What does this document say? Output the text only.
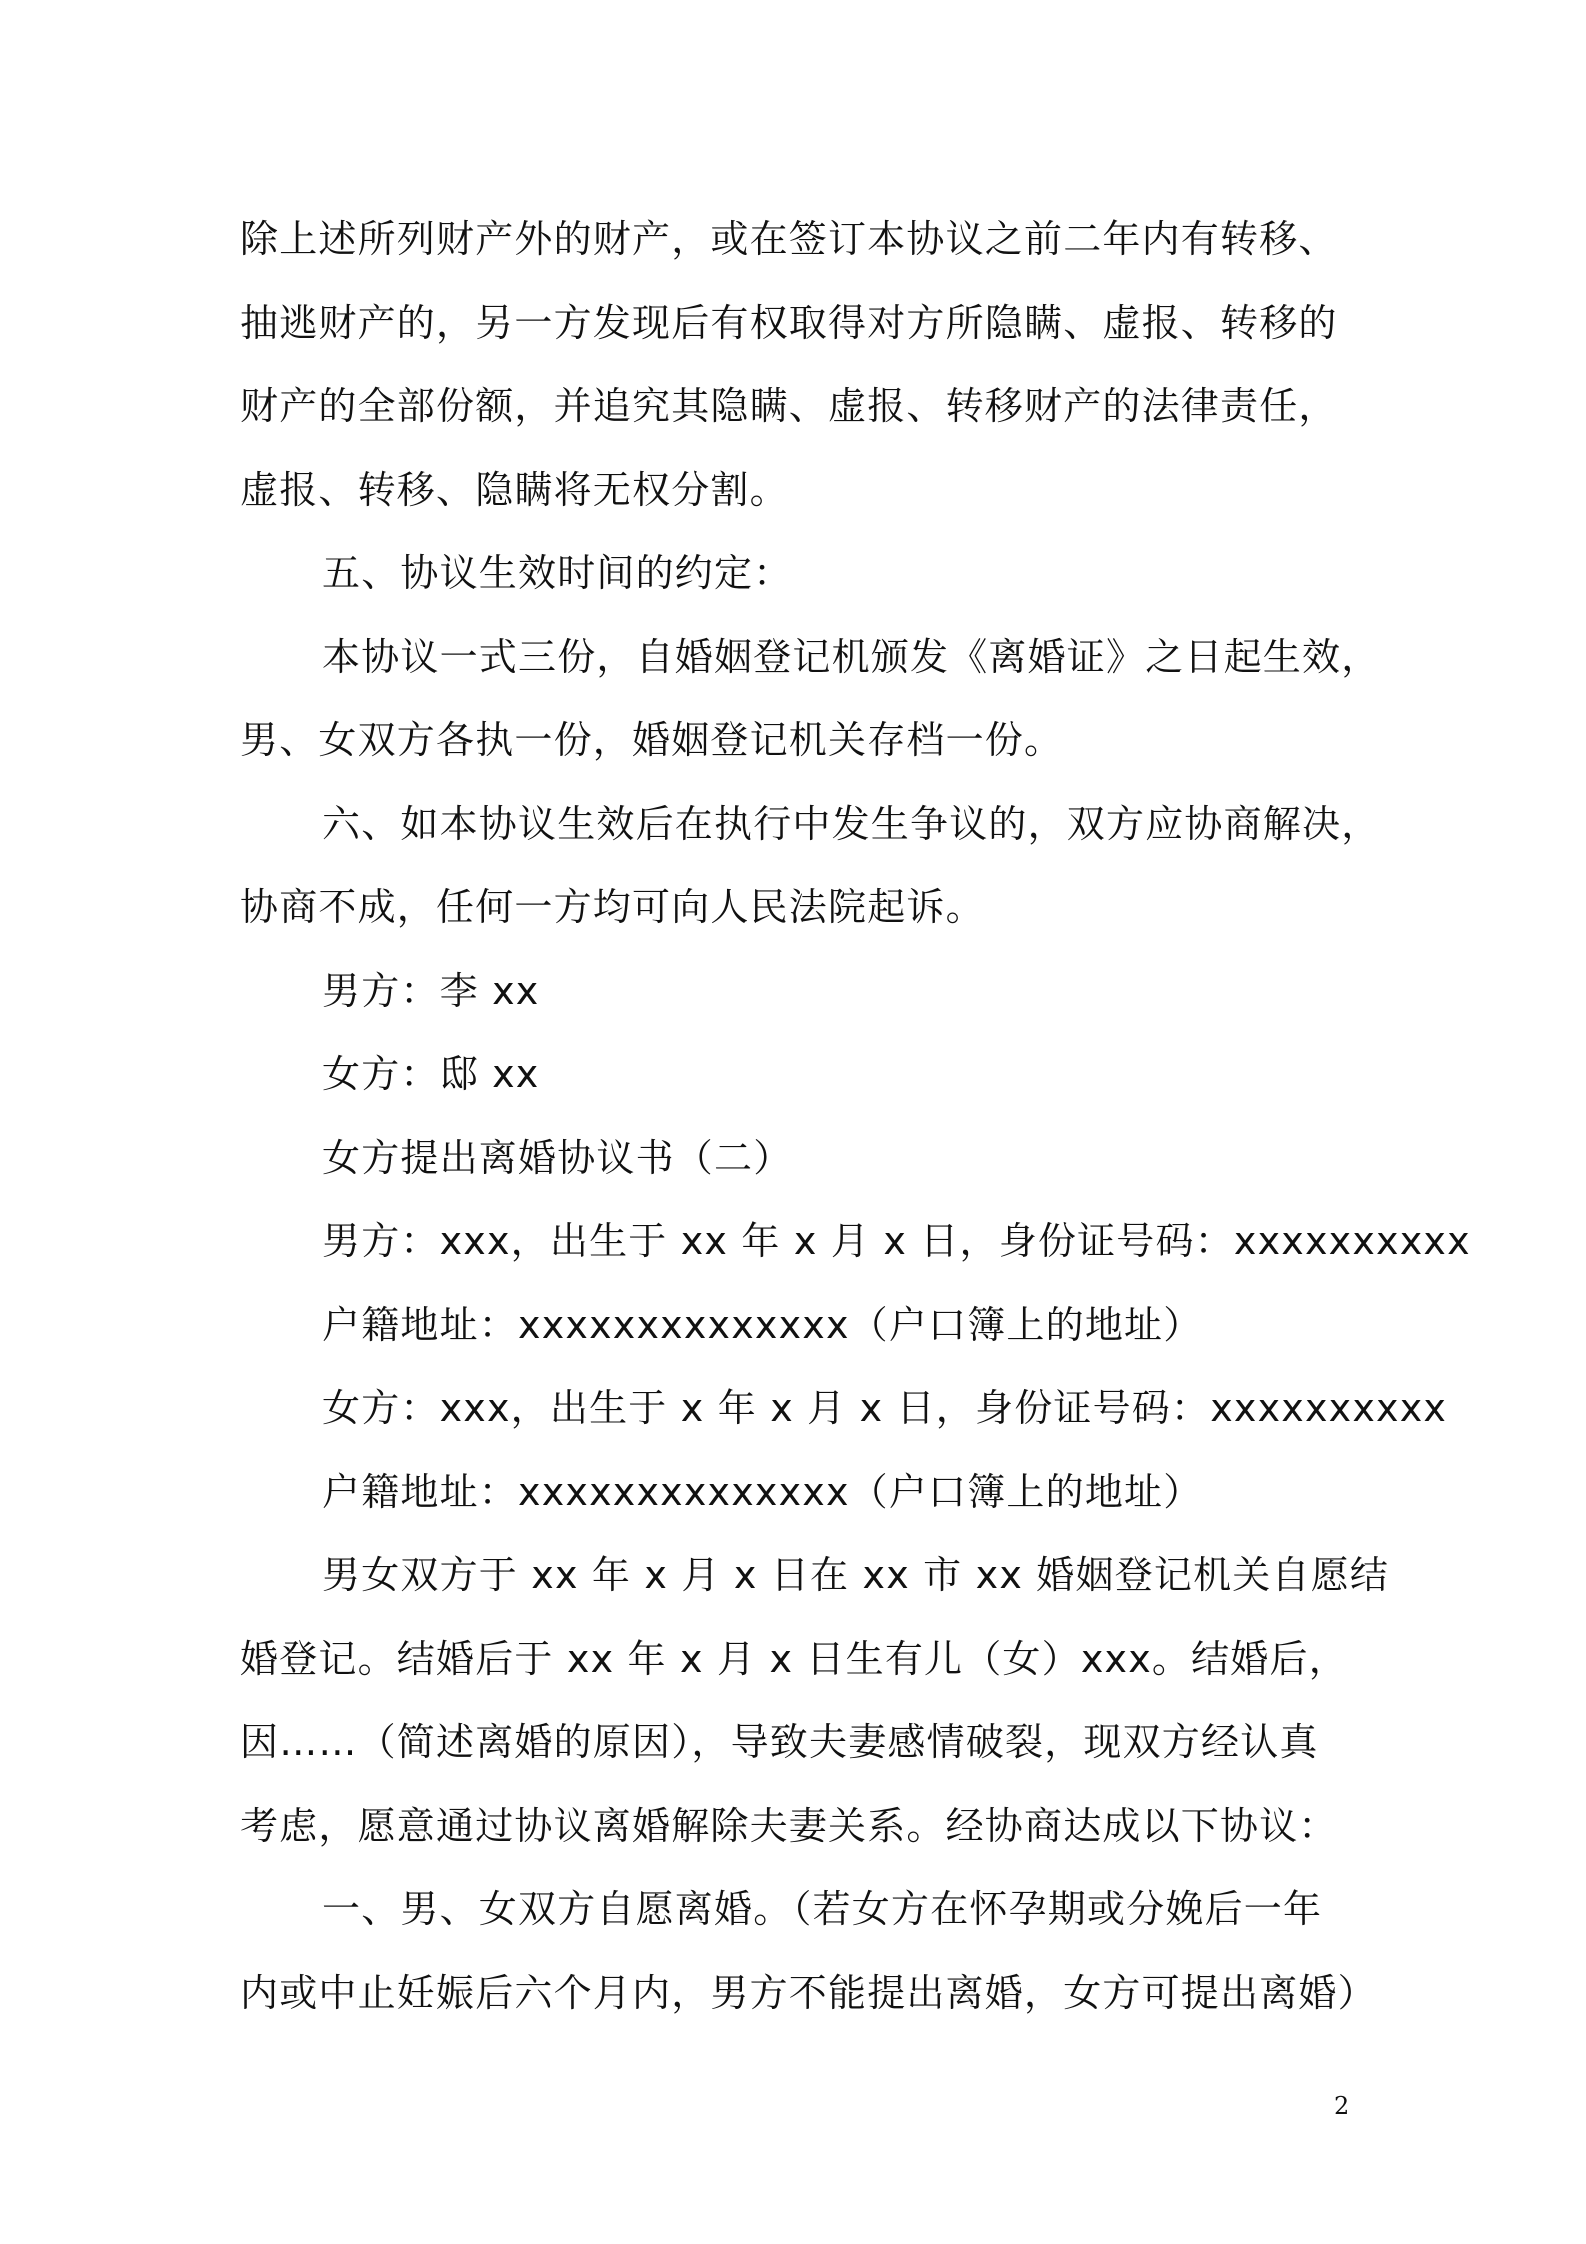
除上述所列财产外的财产，或在签订本协议之前二年内有转移、
抽逃财产的，另一方发现后有权取得对方所隐瞒、虚报、转移的
财产的全部份额，并追究其隐瞒、虚报、转移财产的法律责任，
虚报、转移、隐瞒将无权分割。
五、协议生效时间的约定：
本协议一式三份，自婚姻登记机颁发《离婚证》之日起生效，
男、女双方各执一份，婚姻登记机关存档一份。
六、如本协议生效后在执行中发生争议的，双方应协商解决，
协商不成，任何一方均可向人民法院起诉。
男方：李 xx
女方：邸 xx
女方提出离婚协议书（二）
男方：xxx，出生于 xx 年 x 月 x 日，身份证号码：xxxxxxxxxx
户籍地址：xxxxxxxxxxxxxx（户口簿上的地址）
女方：xxx，出生于 x 年 x 月 x 日，身份证号码：xxxxxxxxxx
户籍地址：xxxxxxxxxxxxxx（户口簿上的地址）
男女双方于 xx 年 x 月 x 日在 xx 市 xx 婚姻登记机关自愿结
婚登记。结婚后于 xx 年 x 月 x 日生有儿（女）xxx。结婚后，
因……（简述离婚的原因），导致夫妻感情破裂，现双方经认真
考虑，愿意通过协议离婚解除夫妻关系。经协商达成以下协议：
一、男、女双方自愿离婚。（若女方在怀孕期或分娩后一年
内或中止妊娠后六个月内，男方不能提出离婚，女方可提出离婚）
2
